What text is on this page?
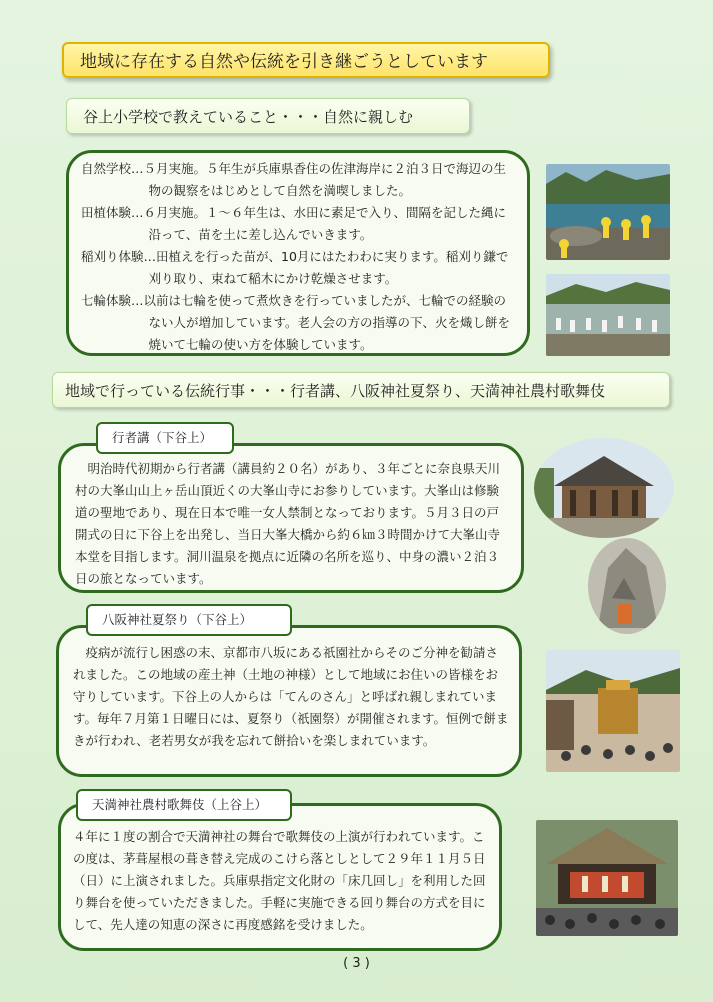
地域に存在する自然や伝統を引き継ごうとしています
谷上小学校で教えていること・・・自然に親しむ

自然学校…５月実施。５年生が兵庫県香住の佐津海岸に２泊３日で海辺の生物の観察をはじめとして自然を満喫しました。

田植体験…６月実施。１～６年生は、水田に素足で入り、間隔を記した縄に沿って、苗を土に差し込んでいきます。

稲刈り体験…田植えを行った苗が、10月にはたわわに実ります。稲刈り鎌で刈り取り、束ねて稲木にかけ乾燥させます。

七輪体験…以前は七輪を使って煮炊きを行っていましたが、七輪での経験のない人が増加しています。老人会の方の指導の下、火を熾し餅を焼いて七輪の使い方を体験しています。

地域で行っている伝統行事・・・行者講、八阪神社夏祭り、天満神社農村歌舞伎

明治時代初期から行者講（講員約２０名）があり、３年ごとに奈良県天川村の大峯山山上ヶ岳山頂近くの大峯山寺にお参りしています。大峯山は修験道の聖地であり、現在日本で唯一女人禁制となっております。５月３日の戸開式の日に下谷上を出発し、当日大峯大橋から約６㎞３時間かけて大峯山寺本堂を目指します。洞川温泉を拠点に近隣の名所を巡り、中身の濃い２泊３日の旅となっています。

行者講（下谷上）

疫病が流行し困惑の末、京都市八坂にある祇園社からそのご分神を勧請されました。この地域の産土神（土地の神様）として地域にお住いの皆様をお守りしています。下谷上の人からは「てんのさん」と呼ばれ親しまれています。毎年７月第１日曜日には、夏祭り（祇園祭）が開催されます。恒例で餅まきが行われ、老若男女が我を忘れて餅拾いを楽しまれています。

八阪神社夏祭り（下谷上）

４年に１度の割合で天満神社の舞台で歌舞伎の上演が行われています。この度は、茅葺屋根の葺き替え完成のこけら落としとして２９年１１月５日（日）に上演されました。兵庫県指定文化財の「床几回し」を利用した回り舞台を使っていただきました。手軽に実施できる回り舞台の方式を目にして、先人達の知恵の深さに再度感銘を受けました。

天満神社農村歌舞伎（上谷上）
( 3 )
